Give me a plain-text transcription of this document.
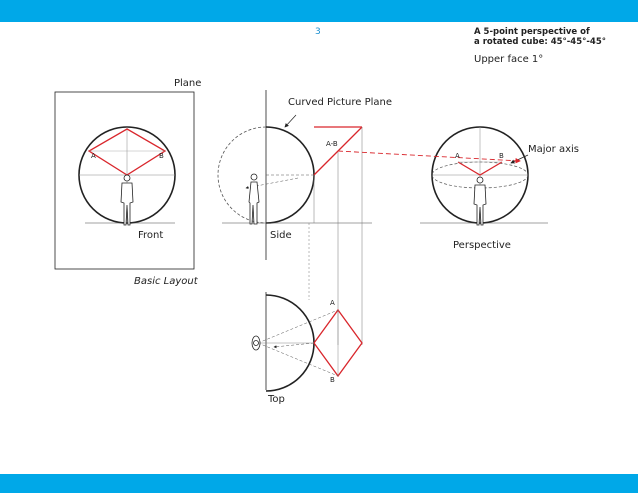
3	A 5-point perspective of
a rotated cube: 45°-45°-45°
Upper face 1°
Plane
Curved Picture Plane
Major axis
Front	Side
Perspective
Basic Layout
Top
A	B
A-B
A	B
A
B
